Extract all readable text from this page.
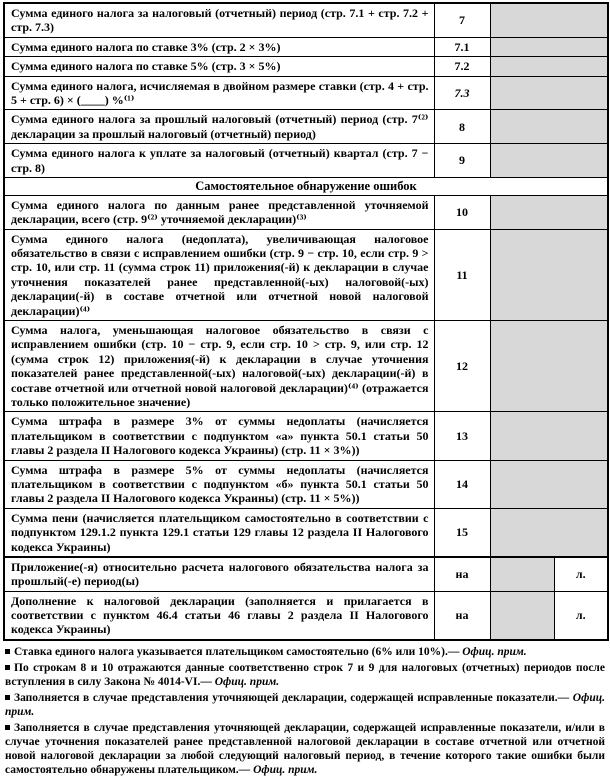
Сумма единого налога за налоговый (отчетный) период (стр. 7.1 + стр. 7.2 + стр. 7.3)	7		
Сумма единого налога по ставке 3% (стр. 2 × 3%)	7.1		
Сумма единого налога по ставке 5% (стр. 3 × 5%)	7.2		
Сумма единого налога, исчисляемая в двойном размере ставки (стр. 4 + стр. 5 + стр. 6) × (____) %⁽¹⁾	7.3		
Сумма единого налога за прошлый налоговый (отчетный) период (стр. 7⁽²⁾ декларации за прошлый налоговый (отчетный) период)	8		
Сумма единого налога к уплате за налоговый (отчетный) квартал (стр. 7 − стр. 8)	9		
Самостоятельное обнаружение ошибок			
Сумма единого налога по данным ранее представленной уточняемой декларации, всего (стр. 9⁽²⁾ уточняемой декларации)⁽³⁾	10		
Сумма единого налога (недоплата), увеличивающая налоговое обязательство в связи с исправлением ошибки (стр. 9 − стр. 10, если стр. 9 > стр. 10, или стр. 11 (сумма строк 11) приложения(-й) к декларации в случае уточнения показателей ранее представленной(-ых) налоговой(-ых) декларации(-й) в составе отчетной или отчетной новой налоговой декларации)⁽⁴⁾	11		
Сумма налога, уменьшающая налоговое обязательство в связи с исправлением ошибки (стр. 10 − стр. 9, если стр. 10 > стр. 9, или стр. 12 (сумма строк 12) приложения(-й) к декларации в случае уточнения показателей ранее представленной(-ых) налоговой(-ых) декларации(-й) в составе отчетной или отчетной новой налоговой декларации)⁽⁴⁾ (отражается только положительное значение)	12		
Сумма штрафа в размере 3% от суммы недоплаты (начисляется плательщиком в соответствии с подпунктом «а» пункта 50.1 статьи 50 главы 2 раздела II Налогового кодекса Украины) (стр. 11 × 3%))	13		
Сумма штрафа в размере 5% от суммы недоплаты (начисляется плательщиком в соответствии с подпунктом «б» пункта 50.1 статьи 50 главы 2 раздела II Налогового кодекса Украины) (стр. 11 × 5%))	14		
Сумма пени (начисляется плательщиком самостоятельно в соответствии с подпунктом 129.1.2 пункта 129.1 статьи 129 главы 12 раздела II Налогового кодекса Украины)	15		
Приложение(-я) относительно расчета налогового обязательства налога за прошлый(-е) период(ы)	на		л.
Дополнение к налоговой декларации (заполняется и прилагается в соответствии с пунктом 46.4 статьи 46 главы 2 раздела II Налогового кодекса Украины)	на		л.

Ставка единого налога указывается плательщиком самостоятельно (6% или 10%).— Офиц. прим.

По строкам 8 и 10 отражаются данные соответственно строк 7 и 9 для налоговых (отчетных) периодов после вступления в силу Закона № 4014-VI.— Офиц. прим.

Заполняется в случае представления уточняющей декларации, содержащей исправленные показатели.— Офиц. прим.

Заполняется в случае представления уточняющей декларации, содержащей исправленные показатели, и/или в случае уточнения показателей ранее представленной налоговой декларации в составе отчетной или отчетной новой налоговой декларации за любой следующий налоговый период, в течение которого такие ошибки были самостоятельно обнаружены плательщиком.— Офиц. прим.
